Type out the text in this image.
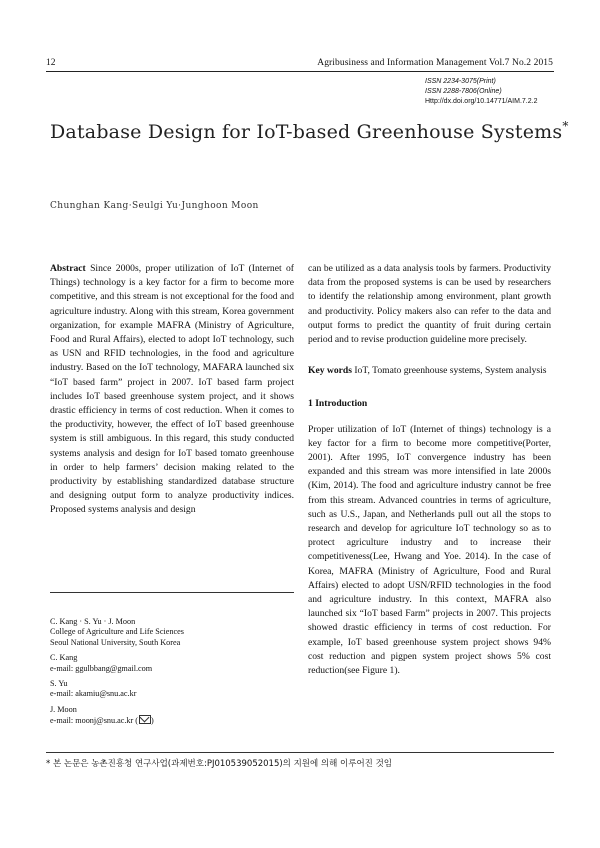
12	Agribusiness and Information Management Vol.7 No.2 2015
ISSN 2234-3075(Print)
ISSN 2288-7806(Online)
Http://dx.doi.org/10.14771/AIM.7.2.2
Database Design for IoT-based Greenhouse Systems*
Chunghan Kang·Seulgi Yu·Junghoon Moon

Abstract Since 2000s, proper utilization of IoT (Internet of Things) technology is a key factor for a firm to become more competitive, and this stream is not exceptional for the food and agriculture industry. Along with this stream, Korea government organization, for example MAFRA (Ministry of Agriculture, Food and Rural Affairs), elected to adopt IoT technology, such as USN and RFID technologies, in the food and agriculture industry. Based on the IoT technology, MAFARA launched six “IoT based farm” project in 2007. IoT based farm project includes IoT based greenhouse system project, and it shows drastic efficiency in terms of cost reduction. When it comes to the productivity, however, the effect of IoT based greenhouse system is still ambiguous. In this regard, this study conducted systems analysis and design for IoT based tomato greenhouse in order to help farmers’ decision making related to the productivity by establishing standardized database structure and designing output form to analyze productivity indices. Proposed systems analysis and design

C. Kang · S. Yu · J. Moon
College of Agriculture and Life Sciences
Seoul National University, South Korea

C. Kang
e-mail: ggulbbang@gmail.com

S. Yu
e-mail: akamiu@snu.ac.kr

J. Moon
e-mail: moonj@snu.ac.kr ( )

can be utilized as a data analysis tools by farmers. Productivity data from the proposed systems is can be used by researchers to identify the relationship among environment, plant growth and productivity. Policy makers also can refer to the data and output forms to predict the quantity of fruit during certain period and to revise production guideline more precisely.

Key words IoT, Tomato greenhouse systems, System analysis

1 Introduction

Proper utilization of IoT (Internet of things) technology is a key factor for a firm to become more competitive(Porter, 2001). After 1995, IoT convergence industry has been expanded and this stream was more intensified in late 2000s (Kim, 2014). The food and agriculture industry cannot be free from this stream. Advanced countries in terms of agriculture, such as U.S., Japan, and Netherlands pull out all the stops to research and develop for agriculture IoT technology so as to protect agriculture industry and to increase their competitiveness(Lee, Hwang and Yoe. 2014). In the case of Korea, MAFRA (Ministry of Agriculture, Food and Rural Affairs) elected to adopt USN/RFID technologies in the food and agriculture industry. In this context, MAFRA also launched six “IoT based Farm” projects in 2007. This projects showed drastic efficiency in terms of cost reduction. For example, IoT based greenhouse system project shows 94% cost reduction and pigpen system project shows 5% cost reduction(see Figure 1).

* 본 논문은 농촌진흥청 연구사업(과제번호:PJ010539052015)의 지원에 의해 이루어진 것임
